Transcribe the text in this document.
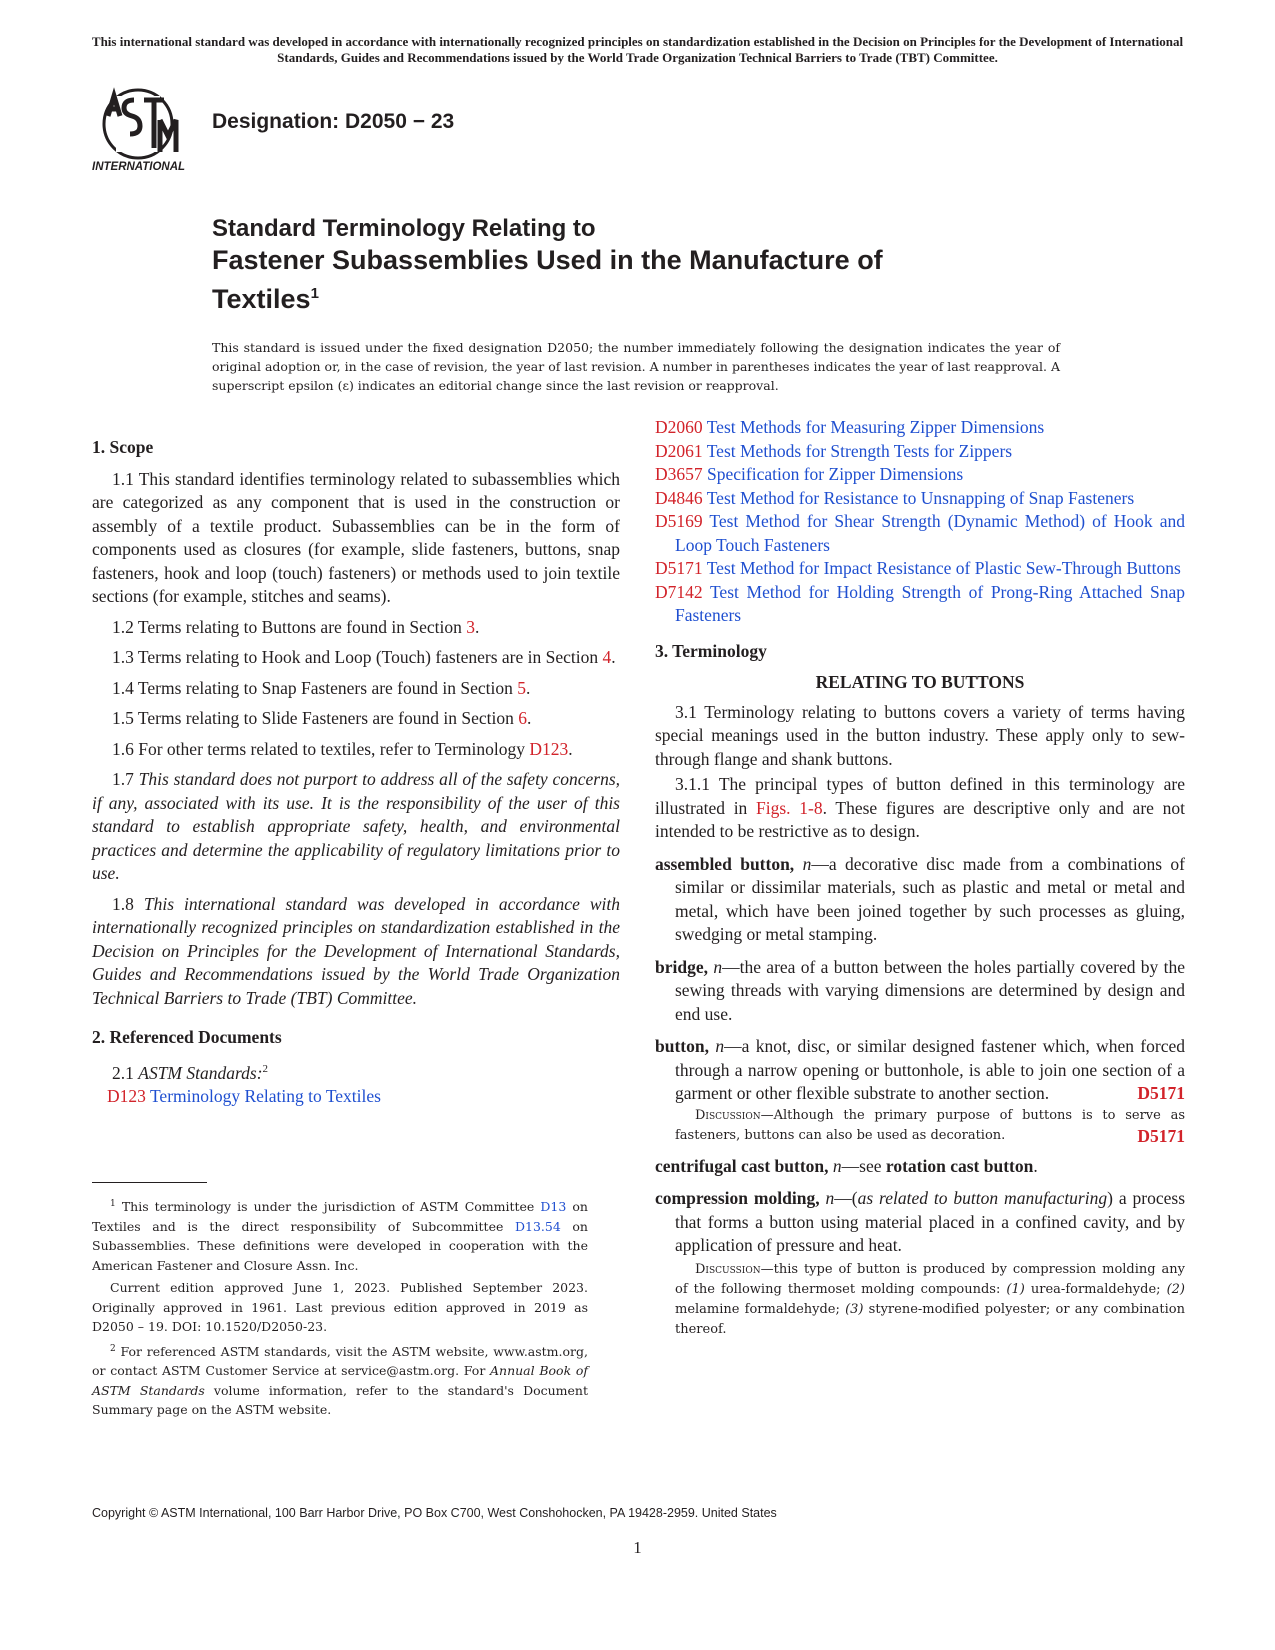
This international standard was developed in accordance with internationally recognized principles on standardization established in the Decision on Principles for the Development of International Standards, Guides and Recommendations issued by the World Trade Organization Technical Barriers to Trade (TBT) Committee.
INTERNATIONAL
Designation: D2050 − 23
Standard Terminology Relating to
Fastener Subassemblies Used in the Manufacture of
Textiles$^1$
This standard is issued under the fixed designation D2050; the number immediately following the designation indicates the year of original adoption or, in the case of revision, the year of last revision. A number in parentheses indicates the year of last reapproval. A superscript epsilon (ε) indicates an editorial change since the last revision or reapproval.
1. Scope
1.1 This standard identifies terminology related to subassemblies which are categorized as any component that is used in the construction or assembly of a textile product. Subassemblies can be in the form of components used as closures (for example, slide fasteners, buttons, snap fasteners, hook and loop (touch) fasteners) or methods used to join textile sections (for example, stitches and seams).
1.2 Terms relating to Buttons are found in Section 3.
1.3 Terms relating to Hook and Loop (Touch) fasteners are in Section 4.
1.4 Terms relating to Snap Fasteners are found in Section 5.
1.5 Terms relating to Slide Fasteners are found in Section 6.
1.6 For other terms related to textiles, refer to Terminology D123.
1.7 This standard does not purport to address all of the safety concerns, if any, associated with its use. It is the responsibility of the user of this standard to establish appropriate safety, health, and environmental practices and determine the applicability of regulatory limitations prior to use.
1.8 This international standard was developed in accordance with internationally recognized principles on standardization established in the Decision on Principles for the Development of International Standards, Guides and Recommendations issued by the World Trade Organization Technical Barriers to Trade (TBT) Committee.
2. Referenced Documents
2.1 ASTM Standards:$^2$
D123 Terminology Relating to Textiles
D2060 Test Methods for Measuring Zipper Dimensions
D2061 Test Methods for Strength Tests for Zippers
D3657 Specification for Zipper Dimensions
D4846 Test Method for Resistance to Unsnapping of Snap Fasteners
D5169 Test Method for Shear Strength (Dynamic Method) of Hook and Loop Touch Fasteners
D5171 Test Method for Impact Resistance of Plastic Sew-Through Buttons
D7142 Test Method for Holding Strength of Prong-Ring Attached Snap Fasteners
3. Terminology
RELATING TO BUTTONS
3.1 Terminology relating to buttons covers a variety of terms having special meanings used in the button industry. These apply only to sew-through flange and shank buttons.
3.1.1 The principal types of button defined in this terminology are illustrated in Figs. 1-8. These figures are descriptive only and are not intended to be restrictive as to design.
assembled button, n—a decorative disc made from a combinations of similar or dissimilar materials, such as plastic and metal or metal and metal, which have been joined together by such processes as gluing, swedging or metal stamping.
bridge, n—the area of a button between the holes partially covered by the sewing threads with varying dimensions are determined by design and end use.
button, n—a knot, disc, or similar designed fastener which, when forced through a narrow opening or buttonhole, is able to join one section of a garment or other flexible substrate to another section.	D5171
Discussion—Although the primary purpose of buttons is to serve as fasteners, buttons can also be used as decoration.	D5171
centrifugal cast button, n—see rotation cast button.
compression molding, n—(as related to button manufacturing) a process that forms a button using material placed in a confined cavity, and by application of pressure and heat.
Discussion—this type of button is produced by compression molding any of the following thermoset molding compounds: (1) urea-formaldehyde; (2) melamine formaldehyde; (3) styrene-modified polyester; or any combination thereof.
$^1$ This terminology is under the jurisdiction of ASTM Committee D13 on Textiles and is the direct responsibility of Subcommittee D13.54 on Subassemblies. These definitions were developed in cooperation with the American Fastener and Closure Assn. Inc.
Current edition approved June 1, 2023. Published September 2023. Originally approved in 1961. Last previous edition approved in 2019 as D2050 – 19. DOI: 10.1520/D2050-23.
$^2$ For referenced ASTM standards, visit the ASTM website, www.astm.org, or contact ASTM Customer Service at service@astm.org. For Annual Book of ASTM Standards volume information, refer to the standard's Document Summary page on the ASTM website.
Copyright © ASTM International, 100 Barr Harbor Drive, PO Box C700, West Conshohocken, PA 19428-2959. United States
1
